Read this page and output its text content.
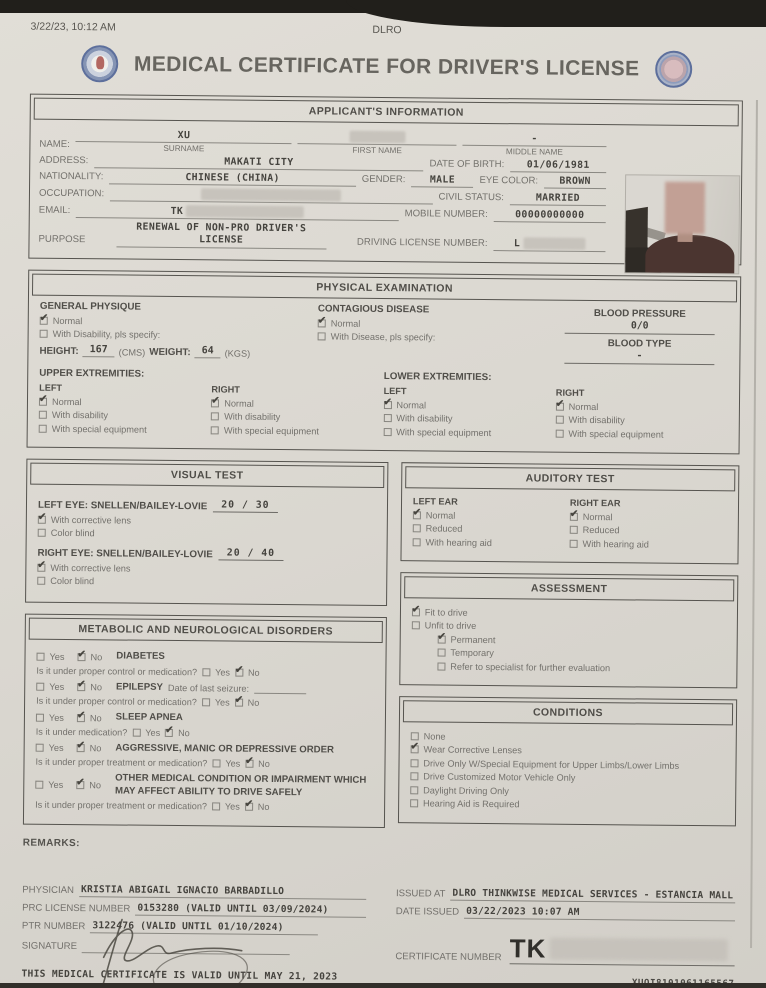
3/22/23, 10:12 AM	DLRO
MEDICAL CERTIFICATE FOR DRIVER'S LICENSE
APPLICANT'S INFORMATION
NAME:
XU
SURNAME	FIRST NAME
-
MIDDLE NAME
ADDRESS:	MAKATI CITY	DATE OF BIRTH: 01/06/1981
NATIONALITY:	CHINESE (CHINA)	GENDER: MALE	EYE COLOR: BROWN
OCCUPATION:	CIVIL STATUS:	MARRIED
EMAIL:	TK	MOBILE NUMBER:	00000000000
PURPOSE
RENEWAL OF NON-PRO DRIVER'S LICENSE	DRIVING LICENSE NUMBER:	L
PHYSICAL EXAMINATION
GENERAL PHYSIQUE
✔
Normal
With Disability, pls specify:
HEIGHT:	167	(CMS) WEIGHT:	64	(KGS)
CONTAGIOUS DISEASE
✔
Normal
With Disease, pls specify:
BLOOD PRESSURE
0/0
BLOOD TYPE
-
UPPER EXTREMITIES:
LEFT
✔
Normal
With disability
With special equipment
RIGHT
✔
Normal
With disability
With special equipment
LOWER EXTREMITIES:
LEFT
✔
Normal
With disability
With special equipment
RIGHT
✔
Normal
With disability
With special equipment
VISUAL TEST
LEFT EYE: SNELLEN/BAILEY-LOVIE	20 / 30
✔
With corrective lens
Color blind
RIGHT EYE: SNELLEN/BAILEY-LOVIE	20 / 40
✔
With corrective lens
Color blind
METABOLIC AND NEUROLOGICAL DISORDERS
Yes ✔	No DIABETES
Is it under proper control or medication? Yes ✔ No
Yes ✔	No EPILEPSY Date of last seizure:
Is it under proper control or medication? Yes ✔ No
Yes ✔	No SLEEP APNEA
Is it under medication? Yes ✔ No
Yes ✔	No AGGRESSIVE, MANIC OR DEPRESSIVE ORDER
Is it under proper treatment or medication? Yes ✔ No
Yes ✔	No OTHER MEDICAL CONDITION OR IMPAIRMENT WHICH MAY AFFECT ABILITY TO DRIVE SAFELY
Is it under proper treatment or medication? Yes ✔ No
AUDITORY TEST
LEFT EAR
✔
Normal
Reduced
With hearing aid
RIGHT EAR
✔
Normal
Reduced
With hearing aid
ASSESSMENT
✔
Fit to drive
Unfit to drive
✔
Permanent
Temporary
Refer to specialist for further evaluation
CONDITIONS
None
✔
Wear Corrective Lenses
Drive Only W/Special Equipment for Upper Limbs/Lower Limbs
Drive Customized Motor Vehicle Only
Daylight Driving Only
Hearing Aid is Required
REMARKS:
PHYSICIAN KRISTIA ABIGAIL IGNACIO BARBADILLO
PRC LICENSE NUMBER 0153280 (VALID UNTIL 03/09/2024)
PTR NUMBER 3122476 (VALID UNTIL 01/10/2024)
SIGNATURE
THIS MEDICAL CERTIFICATE IS VALID UNTIL MAY 21, 2023
ISSUED AT DLRO THINKWISE MEDICAL SERVICES - ESTANCIA MALL
DATE ISSUED 03/22/2023 10:07 AM
CERTIFICATE NUMBER TK
